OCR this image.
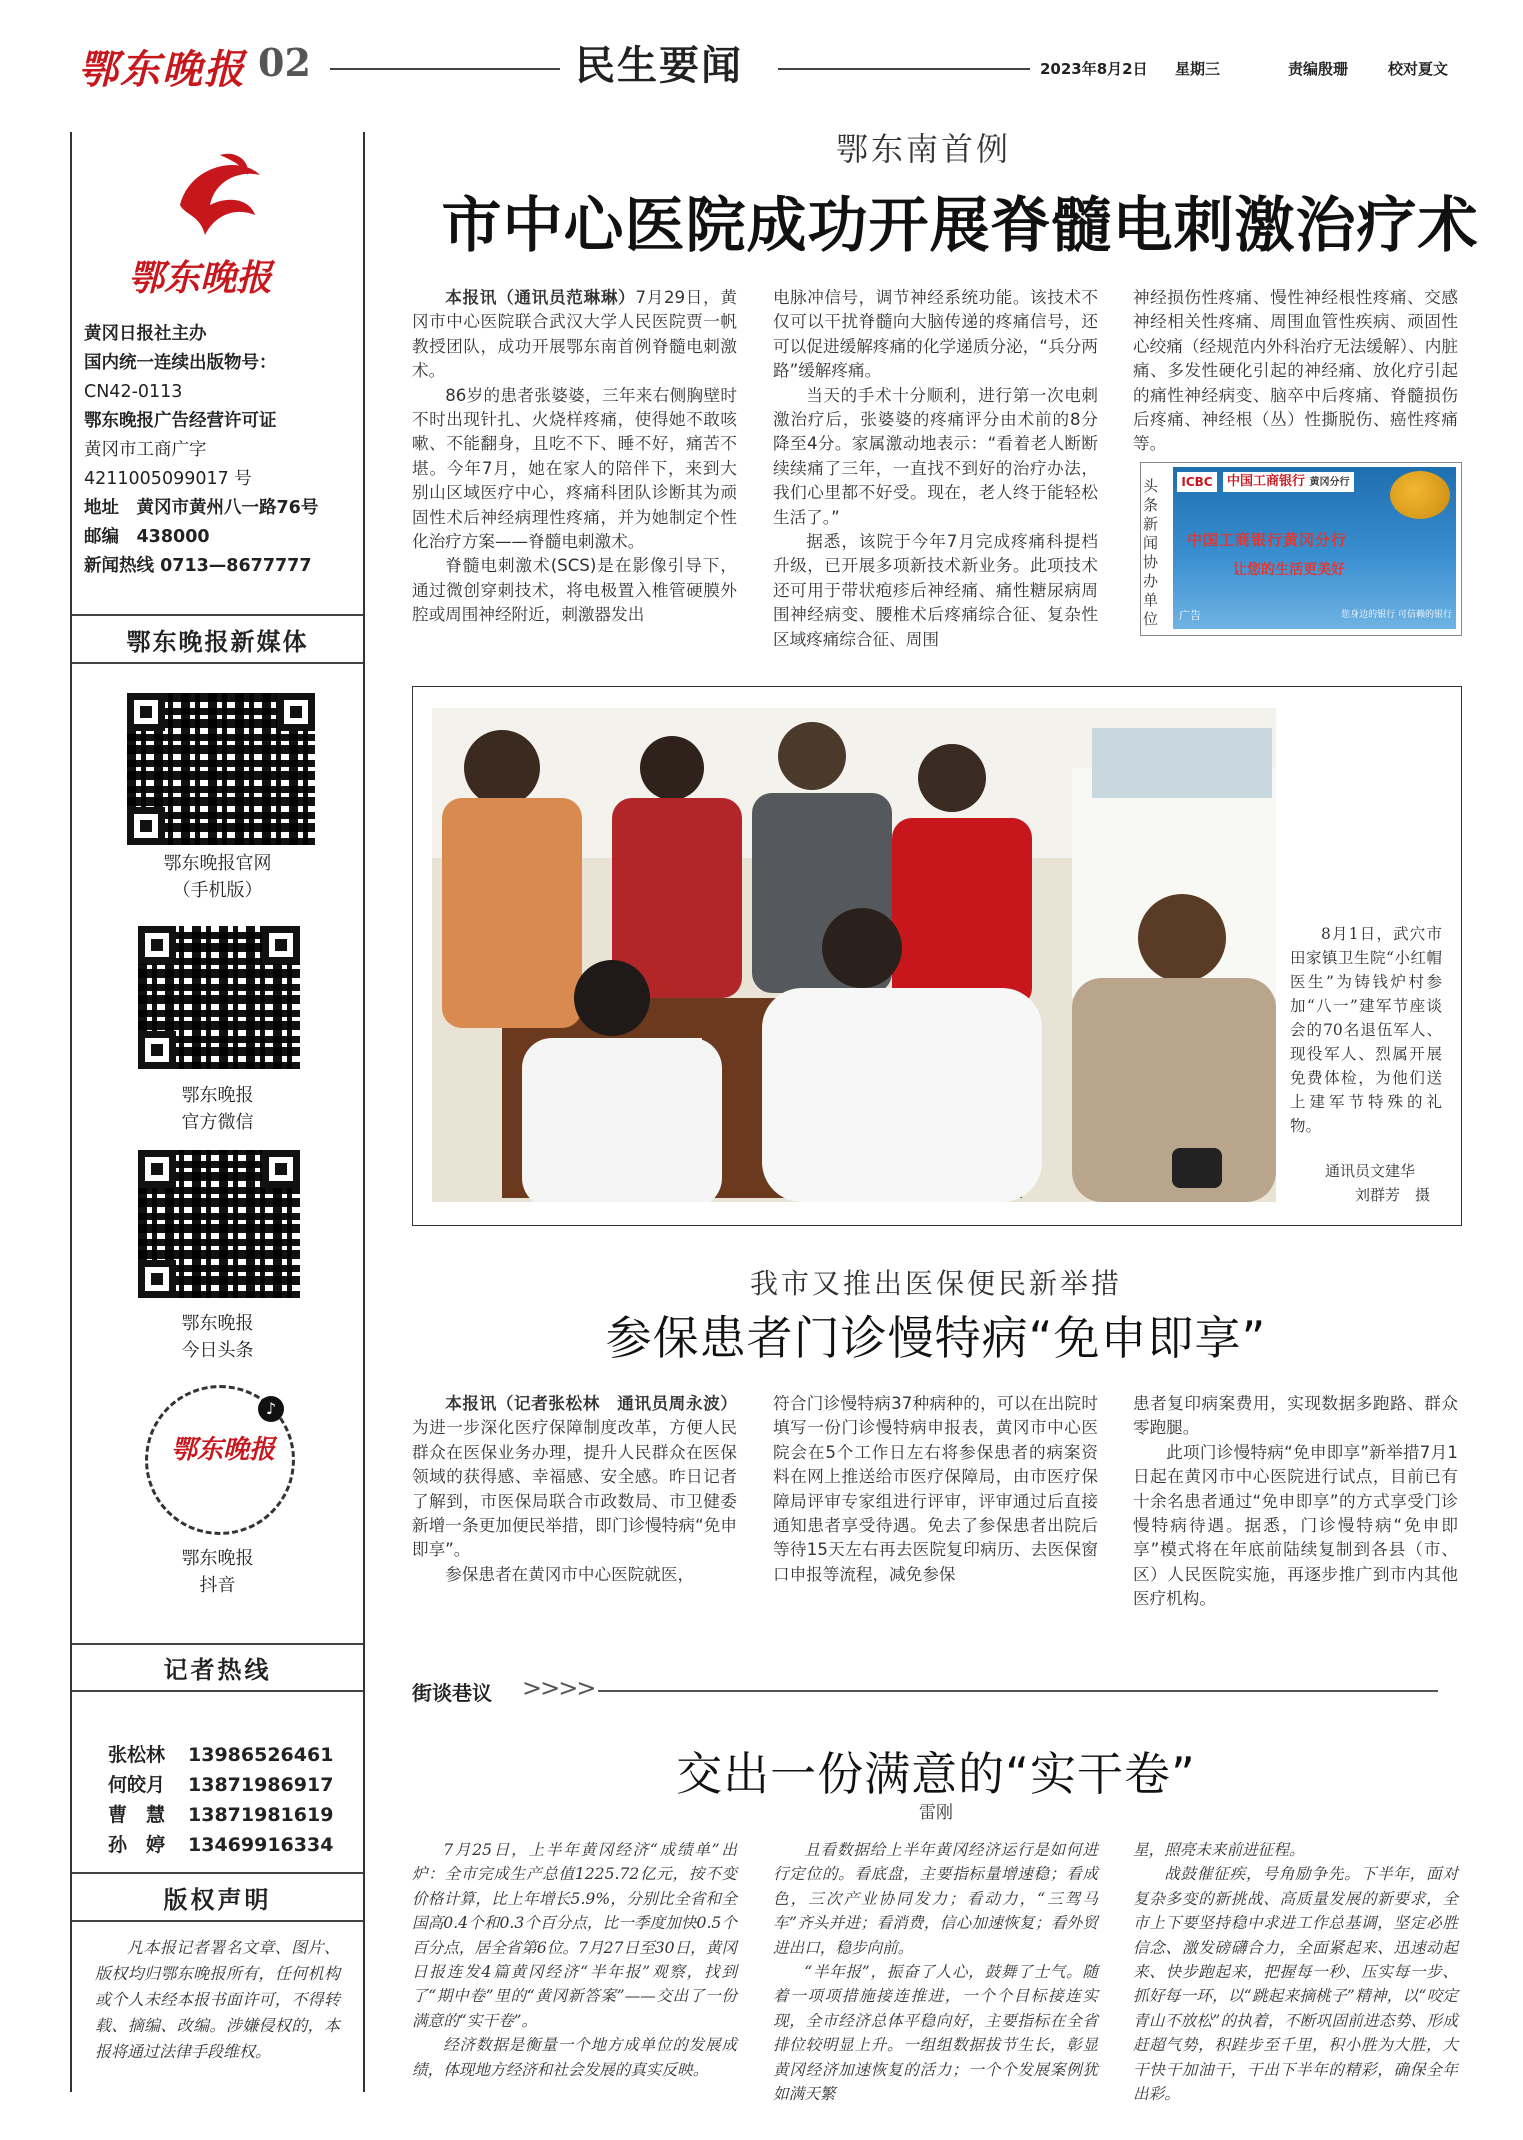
鄂东晚报 02	民生要闻	2023年8月2日 星期三	责编殷珊	校对夏文
鄂东晚报
黄冈日报社主办
国内统一连续出版物号：
CN42-0113
鄂东晚报广告经营许可证
黄冈市工商广字
4211005099017 号
地址　黄冈市黄州八一路76号
邮编　438000
新闻热线 0713—8677777
鄂东晚报新媒体
鄂东晚报官网
（手机版）
鄂东晚报
官方微信
鄂东晚报
今日头条
鄂东晚报
♪
鄂东晚报
抖音
记者热线
张松林 13986526461
何皎月 13871986917
曹　慧 13871981619
孙　婷 13469916334
版权声明
凡本报记者署名文章、图片、版权均归鄂东晚报所有，任何机构或个人未经本报书面许可，不得转载、摘编、改编。涉嫌侵权的，本报将通过法律手段维权。
鄂东南首例
市中心医院成功开展脊髓电刺激治疗术

本报讯（通讯员范琳琳）7月29日，黄冈市中心医院联合武汉大学人民医院贾一帆教授团队，成功开展鄂东南首例脊髓电刺激术。

86岁的患者张婆婆，三年来右侧胸壁时不时出现针扎、火烧样疼痛，使得她不敢咳嗽、不能翻身，且吃不下、睡不好，痛苦不堪。今年7月，她在家人的陪伴下，来到大别山区域医疗中心，疼痛科团队诊断其为顽固性术后神经病理性疼痛，并为她制定个性化治疗方案——脊髓电刺激术。

脊髓电刺激术(SCS)是在影像引导下，通过微创穿刺技术，将电极置入椎管硬膜外腔或周围神经附近，刺激器发出

电脉冲信号，调节神经系统功能。该技术不仅可以干扰脊髓向大脑传递的疼痛信号，还可以促进缓解疼痛的化学递质分泌，“兵分两路”缓解疼痛。

当天的手术十分顺利，进行第一次电刺激治疗后，张婆婆的疼痛评分由术前的8分降至4分。家属激动地表示：“看着老人断断续续痛了三年，一直找不到好的治疗办法，我们心里都不好受。现在，老人终于能轻松生活了。”

据悉，该院于今年7月完成疼痛科提档升级，已开展多项新技术新业务。此项技术还可用于带状疱疹后神经痛、痛性糖尿病周围神经病变、腰椎术后疼痛综合征、复杂性区域疼痛综合征、周围

神经损伤性疼痛、慢性神经根性疼痛、交感神经相关性疼痛、周围血管性疾病、顽固性心绞痛（经规范内外科治疗无法缓解）、内脏痛、多发性硬化引起的神经痛、放化疗引起的痛性神经病变、脑卒中后疼痛、脊髓损伤后疼痛、神经根（丛）性撕脱伤、癌性疼痛等。

头条新闻协办单位
ICBC	中国工商银行 黄冈分行
中国工商银行黄冈分行
让您的生活更美好
广告	您身边的银行 可信赖的银行
8月1日，武穴市田家镇卫生院“小红帽医生”为铸钱炉村参加“八一”建军节座谈会的70名退伍军人、现役军人、烈属开展免费体检，为他们送上建军节特殊的礼物。
通讯员文建华
刘群芳　摄
我市又推出医保便民新举措
参保患者门诊慢特病“免申即享”

本报讯（记者张松林　通讯员周永波）为进一步深化医疗保障制度改革，方便人民群众在医保业务办理，提升人民群众在医保领域的获得感、幸福感、安全感。昨日记者了解到，市医保局联合市政数局、市卫健委新增一条更加便民举措，即门诊慢特病“免申即享”。

参保患者在黄冈市中心医院就医，

符合门诊慢特病37种病种的，可以在出院时填写一份门诊慢特病申报表，黄冈市中心医院会在5个工作日左右将参保患者的病案资料在网上推送给市医疗保障局，由市医疗保障局评审专家组进行评审，评审通过后直接通知患者享受待遇。免去了参保患者出院后等待15天左右再去医院复印病历、去医保窗口申报等流程，减免参保

患者复印病案费用，实现数据多跑路、群众零跑腿。

此项门诊慢特病“免申即享”新举措7月1日起在黄冈市中心医院进行试点，目前已有十余名患者通过“免申即享”的方式享受门诊慢特病待遇。据悉，门诊慢特病“免申即享”模式将在年底前陆续复制到各县（市、区）人民医院实施，再逐步推广到市内其他医疗机构。

街谈巷议 >>>>
交出一份满意的“实干卷”
雷刚

7月25日，上半年黄冈经济“成绩单”出炉：全市完成生产总值1225.72亿元，按不变价格计算，比上年增长5.9%，分别比全省和全国高0.4个和0.3个百分点，比一季度加快0.5个百分点，居全省第6位。7月27日至30日，黄冈日报连发4篇黄冈经济“半年报”观察，找到了“期中卷”里的“黄冈新答案”——交出了一份满意的“实干卷”。

经济数据是衡量一个地方成单位的发展成绩，体现地方经济和社会发展的真实反映。

且看数据给上半年黄冈经济运行是如何进行定位的。看底盘，主要指标量增速稳；看成色，三次产业协同发力；看动力，“三驾马车”齐头并进；看消费，信心加速恢复；看外贸进出口，稳步向前。

“半年报”，振奋了人心，鼓舞了士气。随着一项项措施接连推进，一个个目标接连实现，全市经济总体平稳向好，主要指标在全省排位较明显上升。一组组数据拔节生长，彰显黄冈经济加速恢复的活力；一个个发展案例犹如满天繁

星，照亮未来前进征程。

战鼓催征疾，号角励争先。下半年，面对复杂多变的新挑战、高质量发展的新要求，全市上下要坚持稳中求进工作总基调，坚定必胜信念、激发磅礴合力，全面紧起来、迅速动起来、快步跑起来，把握每一秒、压实每一步、抓好每一环，以“跳起来摘桃子”精神，以“咬定青山不放松”的执着，不断巩固前进态势、形成赶超气势，积跬步至千里，积小胜为大胜，大干快干加油干，干出下半年的精彩，确保全年出彩。
